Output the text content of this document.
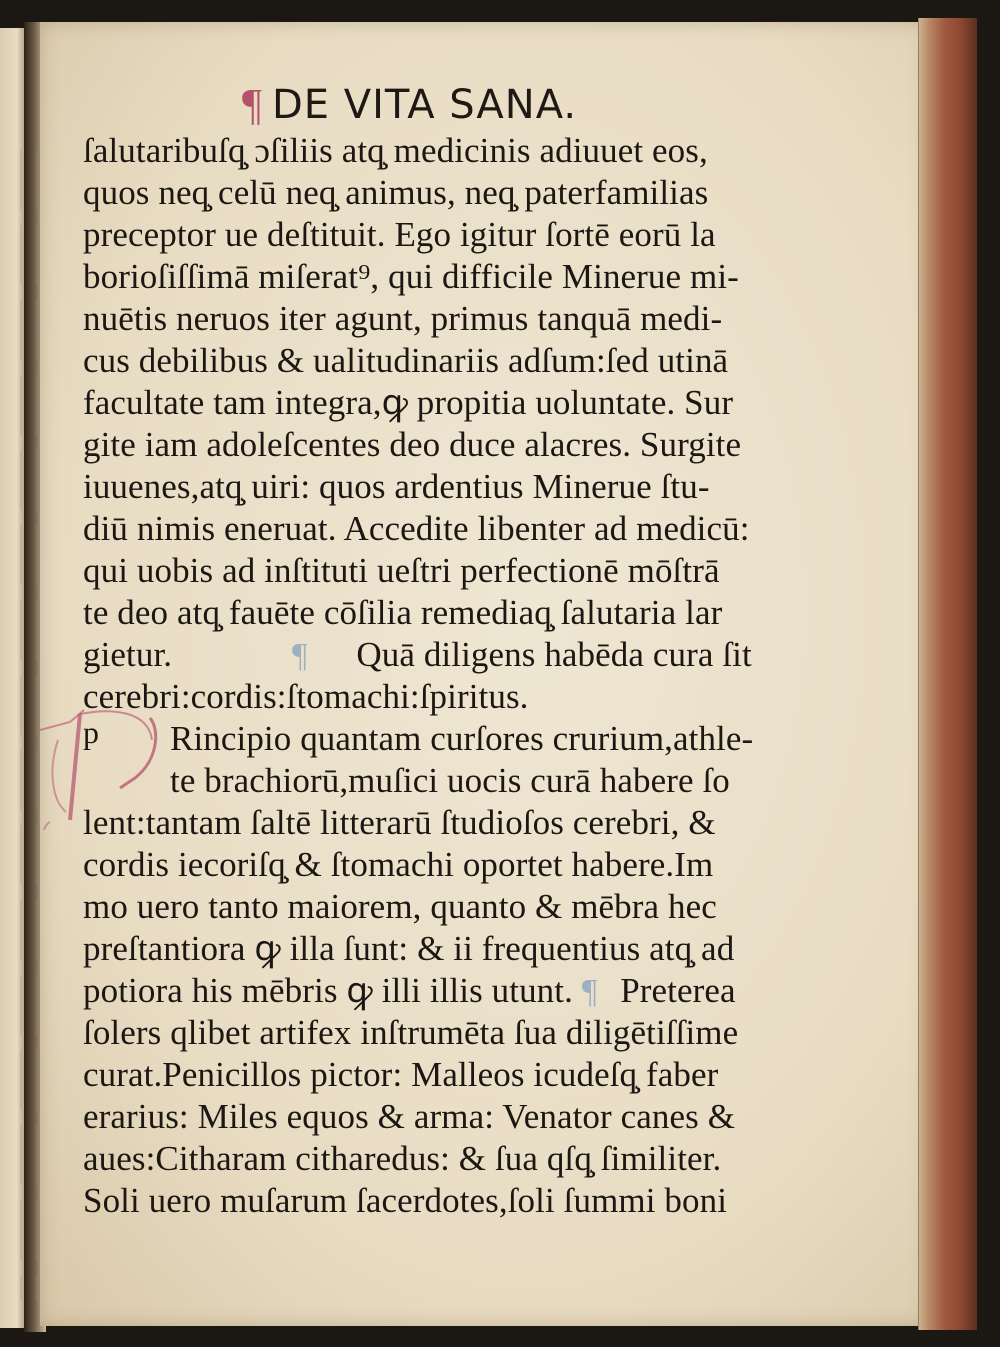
¶ DE VITA SANA.
ſalutaribuſq̧ ɔſiliis atq̧ medicinis adiuuet eos,
quos neq̧ celū neq̧ animus, neq̧ paterfamilias
preceptor ue deſtituit. Ego igitur ſortē eorū la
borioſiſſimā miſerat⁹, qui difficile Minerue mi-
nuētis neruos iter agunt, primus tanquā medi-
cus debilibus & ualitudinariis adſum:ſed utinā
facultate tam integra,ꝙ propitia uoluntate. Sur
gite iam adoleſcentes deo duce alacres. Surgite
iuuenes,atq̧ uiri: quos ardentius Minerue ſtu-
diū nimis eneruat. Accedite libenter ad medicū:
qui uobis ad inſtituti ueſtri perfectionē mōſtrā
te deo atq̧ fauēte cōſilia remediaq̧ ſalutaria lar
gietur.	¶ Quā diligens habēda cura ſit
cerebri:cordis:ſtomachi:ſpiritus.
p Rincipio quantam curſores crurium,athle-
te brachiorū,muſici uocis curā habere ſo
lent:tantam ſaltē litterarū ſtudioſos cerebri, &
cordis iecoriſq̧ & ſtomachi oportet habere.Im
mo uero tanto maiorem, quanto & mēbra hec
preſtantiora ꝙ illa ſunt: & ii frequentius atq̧ ad
potiora his mēbris ꝙ illi illis utunt. ¶ Preterea
ſolers qlibet artifex inſtrumēta ſua diligētiſſime
curat.Penicillos pictor: Malleos icudeſq̧ faber
erarius: Miles equos & arma: Venator canes &
aues:Citharam citharedus: & ſua qſq̧ ſimiliter.
Soli uero muſarum ſacerdotes,ſoli ſummi boni
